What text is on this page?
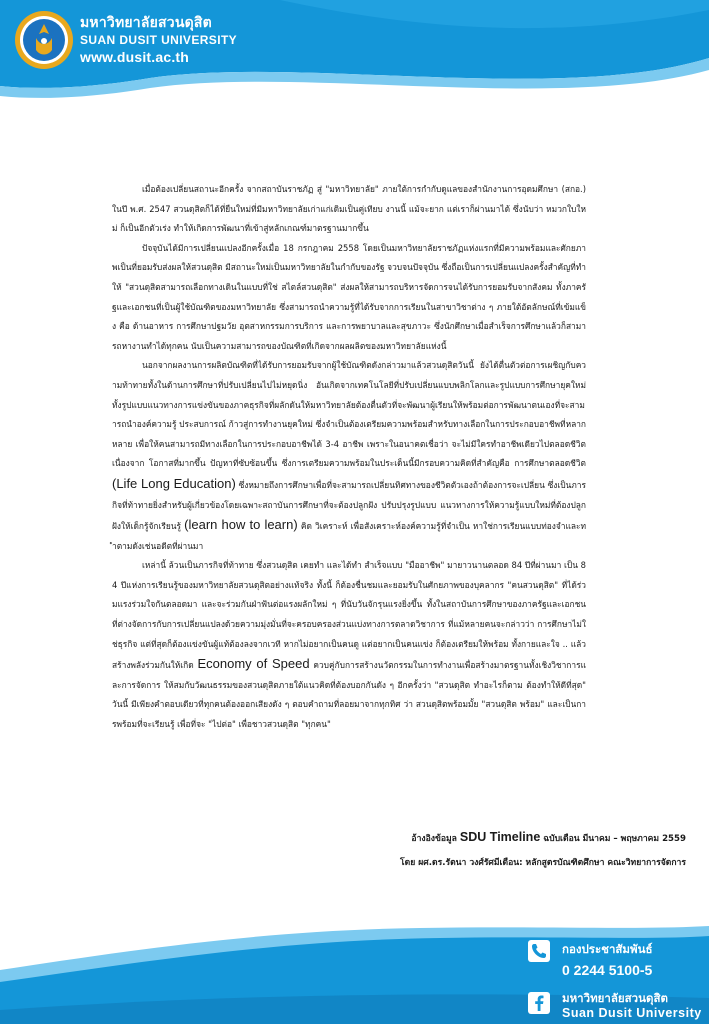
มหาวิทยาลัยสวนดุสิต
SUAN DUSIT UNIVERSITY
www.dusit.ac.th

เมื่อต้องเปลี่ยนสถานะอีกครั้ง จากสถาบันราชภัฏ สู่ "มหาวิทยาลัย" ภายใต้การกำกับดูแลของสำนักงานการอุดมศึกษา (สกอ.) ในปี พ.ศ. 2547 สวนดุสิตก็ได้ที่ยืนใหม่ที่มีมหาวิทยาลัยเก่าแก่เดิมเป็นคู่เทียบ งานนี้ แม้จะยาก แต่เราก็ผ่านมาได้ ซึ่งนับว่า หมวกใบใหม่ ก็เป็นอีกตัวเร่ง ทำให้เกิดการพัฒนาที่เข้าสู่หลักเกณฑ์มาตรฐานมากขึ้น

ปัจจุบันได้มีการเปลี่ยนแปลงอีกครั้งเมื่อ 18 กรกฎาคม 2558 โดยเป็นมหาวิทยาลัยราชภัฏแห่งแรกที่มีความพร้อมและศักยภาพเป็นที่ยอมรับส่งผลให้สวนดุสิต มีสถานะใหม่เป็นมหาวิทยาลัยในกำกับของรัฐ จวบจนปัจจุบัน ซึ่งถือเป็นการเปลี่ยนแปลงครั้งสำคัญที่ทำให้ "สวนดุสิตสามารถเลือกทางเดินในแบบที่ใช่ สไตล์สวนดุสิต" ส่งผลให้สามารถบริหารจัดการจนได้รับการยอมรับจากสังคม ทั้งภาครัฐและเอกชนที่เป็นผู้ใช้บัณฑิตของมหาวิทยาลัย ซึ่งสามารถนำความรู้ที่ได้รับจากการเรียนในสาขาวิชาต่าง ๆ ภายใต้อัตลักษณ์ที่เข้มแข็ง คือ ด้านอาหาร การศึกษาปฐมวัย อุตสาหกรรมการบริการ และการพยาบาลและสุขภาวะ ซึ่งนักศึกษาเมื่อสำเร็จการศึกษาแล้วก็สามารถหางานทำได้ทุกคน นับเป็นความสามารถของบัณฑิตที่เกิดจากผลผลิตของมหาวิทยาลัยแห่งนี้

นอกจากผลงานการผลิตบัณฑิตที่ได้รับการยอมรับจากผู้ใช้บัณฑิตดังกล่าวมาแล้วสวนดุสิตวันนี้ ยังได้ตื่นตัวต่อการเผชิญกับความท้าทายทั้งในด้านการศึกษาที่ปรับเปลี่ยนไปไม่หยุดนิ่ง อันเกิดจากเทคโนโลยีที่ปรับเปลี่ยนแบบพลิกโลกและรูปแบบการศึกษายุคใหม่ ทั้งรูปแบบแนวทางการแข่งขันของภาคธุรกิจที่ผลักดันให้มหาวิทยาลัยต้องตื่นตัวที่จะพัฒนาผู้เรียนให้พร้อมต่อการพัฒนาตนเองที่จะสามารถนำองค์ความรู้ ประสบการณ์ ก้าวสู่การทำงานยุคใหม่ ซึ่งจำเป็นต้องเตรียมความพร้อมสำหรับทางเลือกในการประกอบอาชีพที่หลากหลาย เพื่อให้คนสามารถมีทางเลือกในการประกอบอาชีพได้ 3-4 อาชีพ เพราะในอนาคตเชื่อว่า จะไม่มีใครทำอาชีพเดียวไปตลอดชีวิต เนื่องจาก โอกาสที่มากขึ้น ปัญหาที่ซับซ้อนขึ้น ซึ่งการเตรียมความพร้อมในประเด็นนี้มีกรอบความคิดที่สำคัญคือ การศึกษาตลอดชีวิต (Life Long Education) ซึ่งหมายถึงการศึกษาเพื่อที่จะสามารถเปลี่ยนทิศทางของชีวิตตัวเองถ้าต้องการจะเปลี่ยน ซึ่งเป็นภารกิจที่ท้าทายยิ่งสำหรับผู้เกี่ยวข้องโดยเฉพาะสถาบันการศึกษาที่จะต้องปลูกฝัง ปรับปรุงรูปแบบ แนวทางการให้ความรู้แบบใหม่ที่ต้องปลูกฝังให้เด็กรู้จักเรียนรู้ (learn how to learn) คิด วิเคราะห์ เพื่อสังเคราะห์องค์ความรู้ที่จำเป็น หาใช่การเรียนแบบท่องจำและทำตามดังเช่นอดีตที่ผ่านมา

เหล่านี้ ล้วนเป็นภารกิจที่ท้าทาย ซึ่งสวนดุสิต เคยทำ และได้ทำ สำเร็จแบบ "มืออาชีพ" มายาวนานตลอด 84 ปีที่ผ่านมา เป็น 84 ปีแห่งการเรียนรู้ของมหาวิทยาลัยสวนดุสิตอย่างแท้จริง ทั้งนี้ ก็ต้องชื่นชมและยอมรับในศักยภาพของบุคลากร "คนสวนดุสิต" ที่ได้ร่วมแรงร่วมใจกันตลอดมา และจะร่วมกันฝ่าฟันต่อแรงผลักใหม่ ๆ ที่นับวันจักรุนแรงยิ่งขึ้น ทั้งในสถาบันการศึกษาของภาครัฐและเอกชน ที่ต่างจัดการกับการเปลี่ยนแปลงด้วยความมุ่งมั่นที่จะครอบครองส่วนแบ่งทางการตลาดวิชาการ ที่แม้หลายคนจะกล่าวว่า การศึกษาไม่ใช่ธุรกิจ แต่ที่สุดก็ต้องแข่งขันผู้แท้ต้องลงจากเวที หากไม่อยากเป็นคนดู แต่อยากเป็นคนแข่ง ก็ต้องเตรียมให้พร้อม ทั้งกายและใจ .. แล้วสร้างพลังร่วมกันให้เกิด Economy of Speed ควบคู่กับการสร้างนวัตกรรมในการทำงานเพื่อสร้างมาตรฐานทั้งเชิงวิชาการและการจัดการ ให้สมกับวัฒนธรรมของสวนดุสิตภายใต้แนวคิดที่ต้องบอกกันดัง ๆ อีกครั้งว่า "สวนดุสิต ทำอะไรก็ตาม ต้องทำให้ดีที่สุด" วันนี้ มีเพียงคำตอบเดียวที่ทุกคนต้องออกเสียงดัง ๆ ตอบคำถามที่ลอยมาจากทุกทิศ ว่า สวนดุสิตพร้อมมั้ย "สวนดุสิต พร้อม" และเป็นการพร้อมที่จะเรียนรู้ เพื่อที่จะ "ไปต่อ" เพื่อชาวสวนดุสิต "ทุกคน"

อ้างอิงข้อมูล SDU Timeline ฉบับเดือน มีนาคม – พฤษภาคม 2559
โดย ผศ.ดร.รัตนา วงศ์รัศมีเดือน: หลักสูตรบัณฑิตศึกษา คณะวิทยาการจัดการ
กองประชาสัมพันธ์
0 2244 5100-5
มหาวิทยาลัยสวนดุสิต
Suan Dusit University
